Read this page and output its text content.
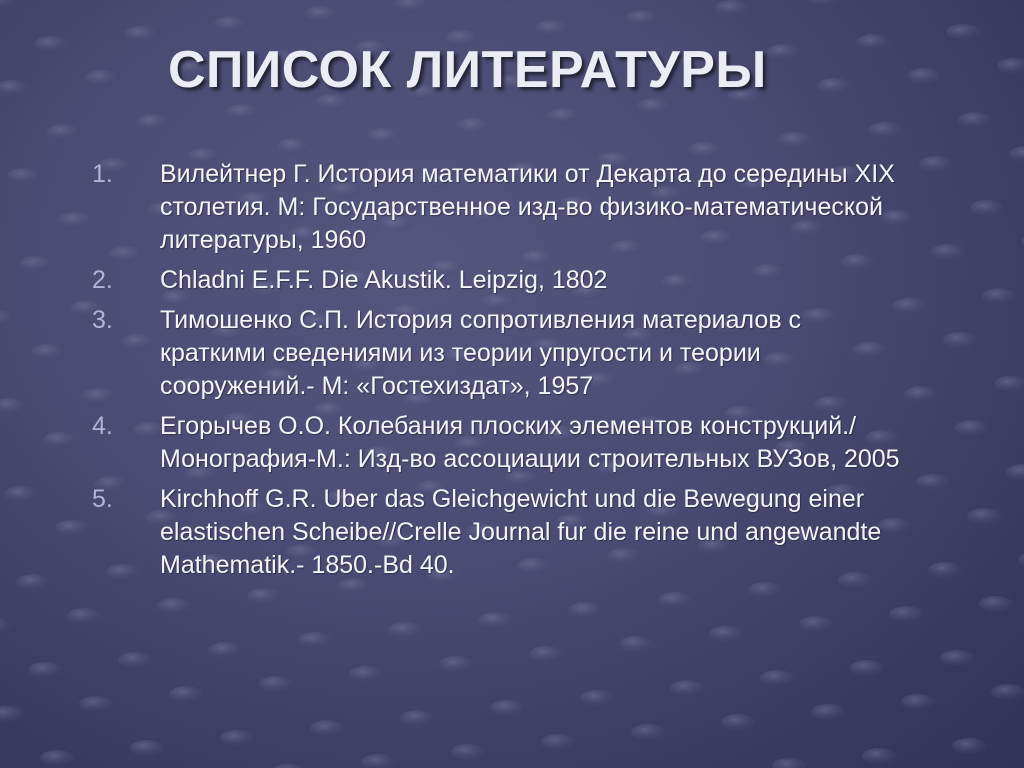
СПИСОК ЛИТЕРАТУРЫ
1.	Вилейтнер Г. История математики от Декарта до середины XIX столетия. М: Государственное изд-во физико-математической литературы, 1960
2.	Chladni E.F.F. Die Akustik. Leipzig, 1802
3.	Тимошенко С.П. История сопротивления материалов с краткими сведениями из теории упругости и теории сооружений.- М: «Гостехиздат», 1957
4.	Егорычев О.О. Колебания плоских элементов конструкций./Монография-М.: Изд-во ассоциации строительных ВУЗов, 2005
5.	Kirchhoff G.R. Uber das Gleichgewicht und die Bewegung einer elastischen Scheibe//Crelle Journal fur die reine und angewandte Mathematik.- 1850.-Bd 40.
